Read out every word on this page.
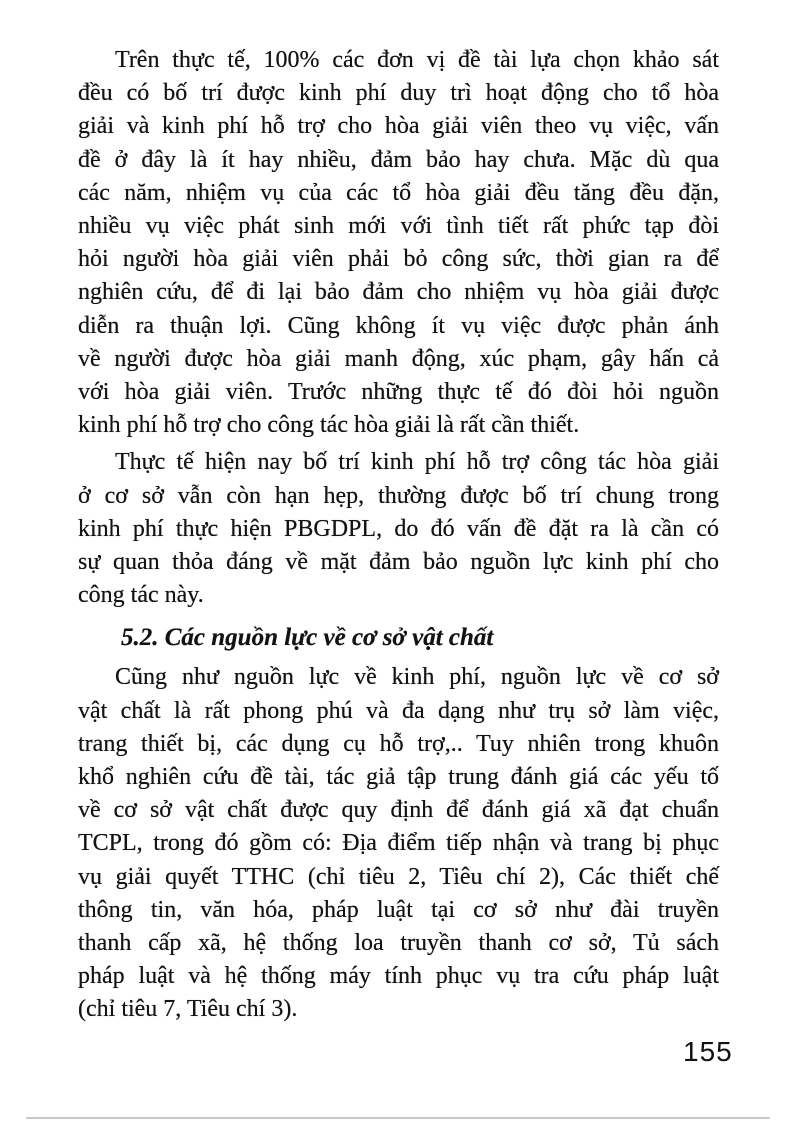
Trên thực tế, 100% các đơn vị đề tài lựa chọn khảo sát
đều có bố trí được kinh phí duy trì hoạt động cho tổ hòa
giải và kinh phí hỗ trợ cho hòa giải viên theo vụ việc, vấn
đề ở đây là ít hay nhiều, đảm bảo hay chưa. Mặc dù qua
các năm, nhiệm vụ của các tổ hòa giải đều tăng đều đặn,
nhiều vụ việc phát sinh mới với tình tiết rất phức tạp đòi
hỏi người hòa giải viên phải bỏ công sức, thời gian ra để
nghiên cứu, để đi lại bảo đảm cho nhiệm vụ hòa giải được
diễn ra thuận lợi. Cũng không ít vụ việc được phản ánh
về người được hòa giải manh động, xúc phạm, gây hấn cả
với hòa giải viên. Trước những thực tế đó đòi hỏi nguồn
kinh phí hỗ trợ cho công tác hòa giải là rất cần thiết.
Thực tế hiện nay bố trí kinh phí hỗ trợ công tác hòa giải
ở cơ sở vẫn còn hạn hẹp, thường được bố trí chung trong
kinh phí thực hiện PBGDPL, do đó vấn đề đặt ra là cần có
sự quan thỏa đáng về mặt đảm bảo nguồn lực kinh phí cho
công tác này.
5.2. Các nguồn lực về cơ sở vật chất
Cũng như nguồn lực về kinh phí, nguồn lực về cơ sở
vật chất là rất phong phú và đa dạng như trụ sở làm việc,
trang thiết bị, các dụng cụ hỗ trợ,.. Tuy nhiên trong khuôn
khổ nghiên cứu đề tài, tác giả tập trung đánh giá các yếu tố
về cơ sở vật chất được quy định để đánh giá xã đạt chuẩn
TCPL, trong đó gồm có: Địa điểm tiếp nhận và trang bị phục
vụ giải quyết TTHC (chỉ tiêu 2, Tiêu chí 2), Các thiết chế
thông tin, văn hóa, pháp luật tại cơ sở như đài truyền
thanh cấp xã, hệ thống loa truyền thanh cơ sở, Tủ sách
pháp luật và hệ thống máy tính phục vụ tra cứu pháp luật
(chỉ tiêu 7, Tiêu chí 3).
155
